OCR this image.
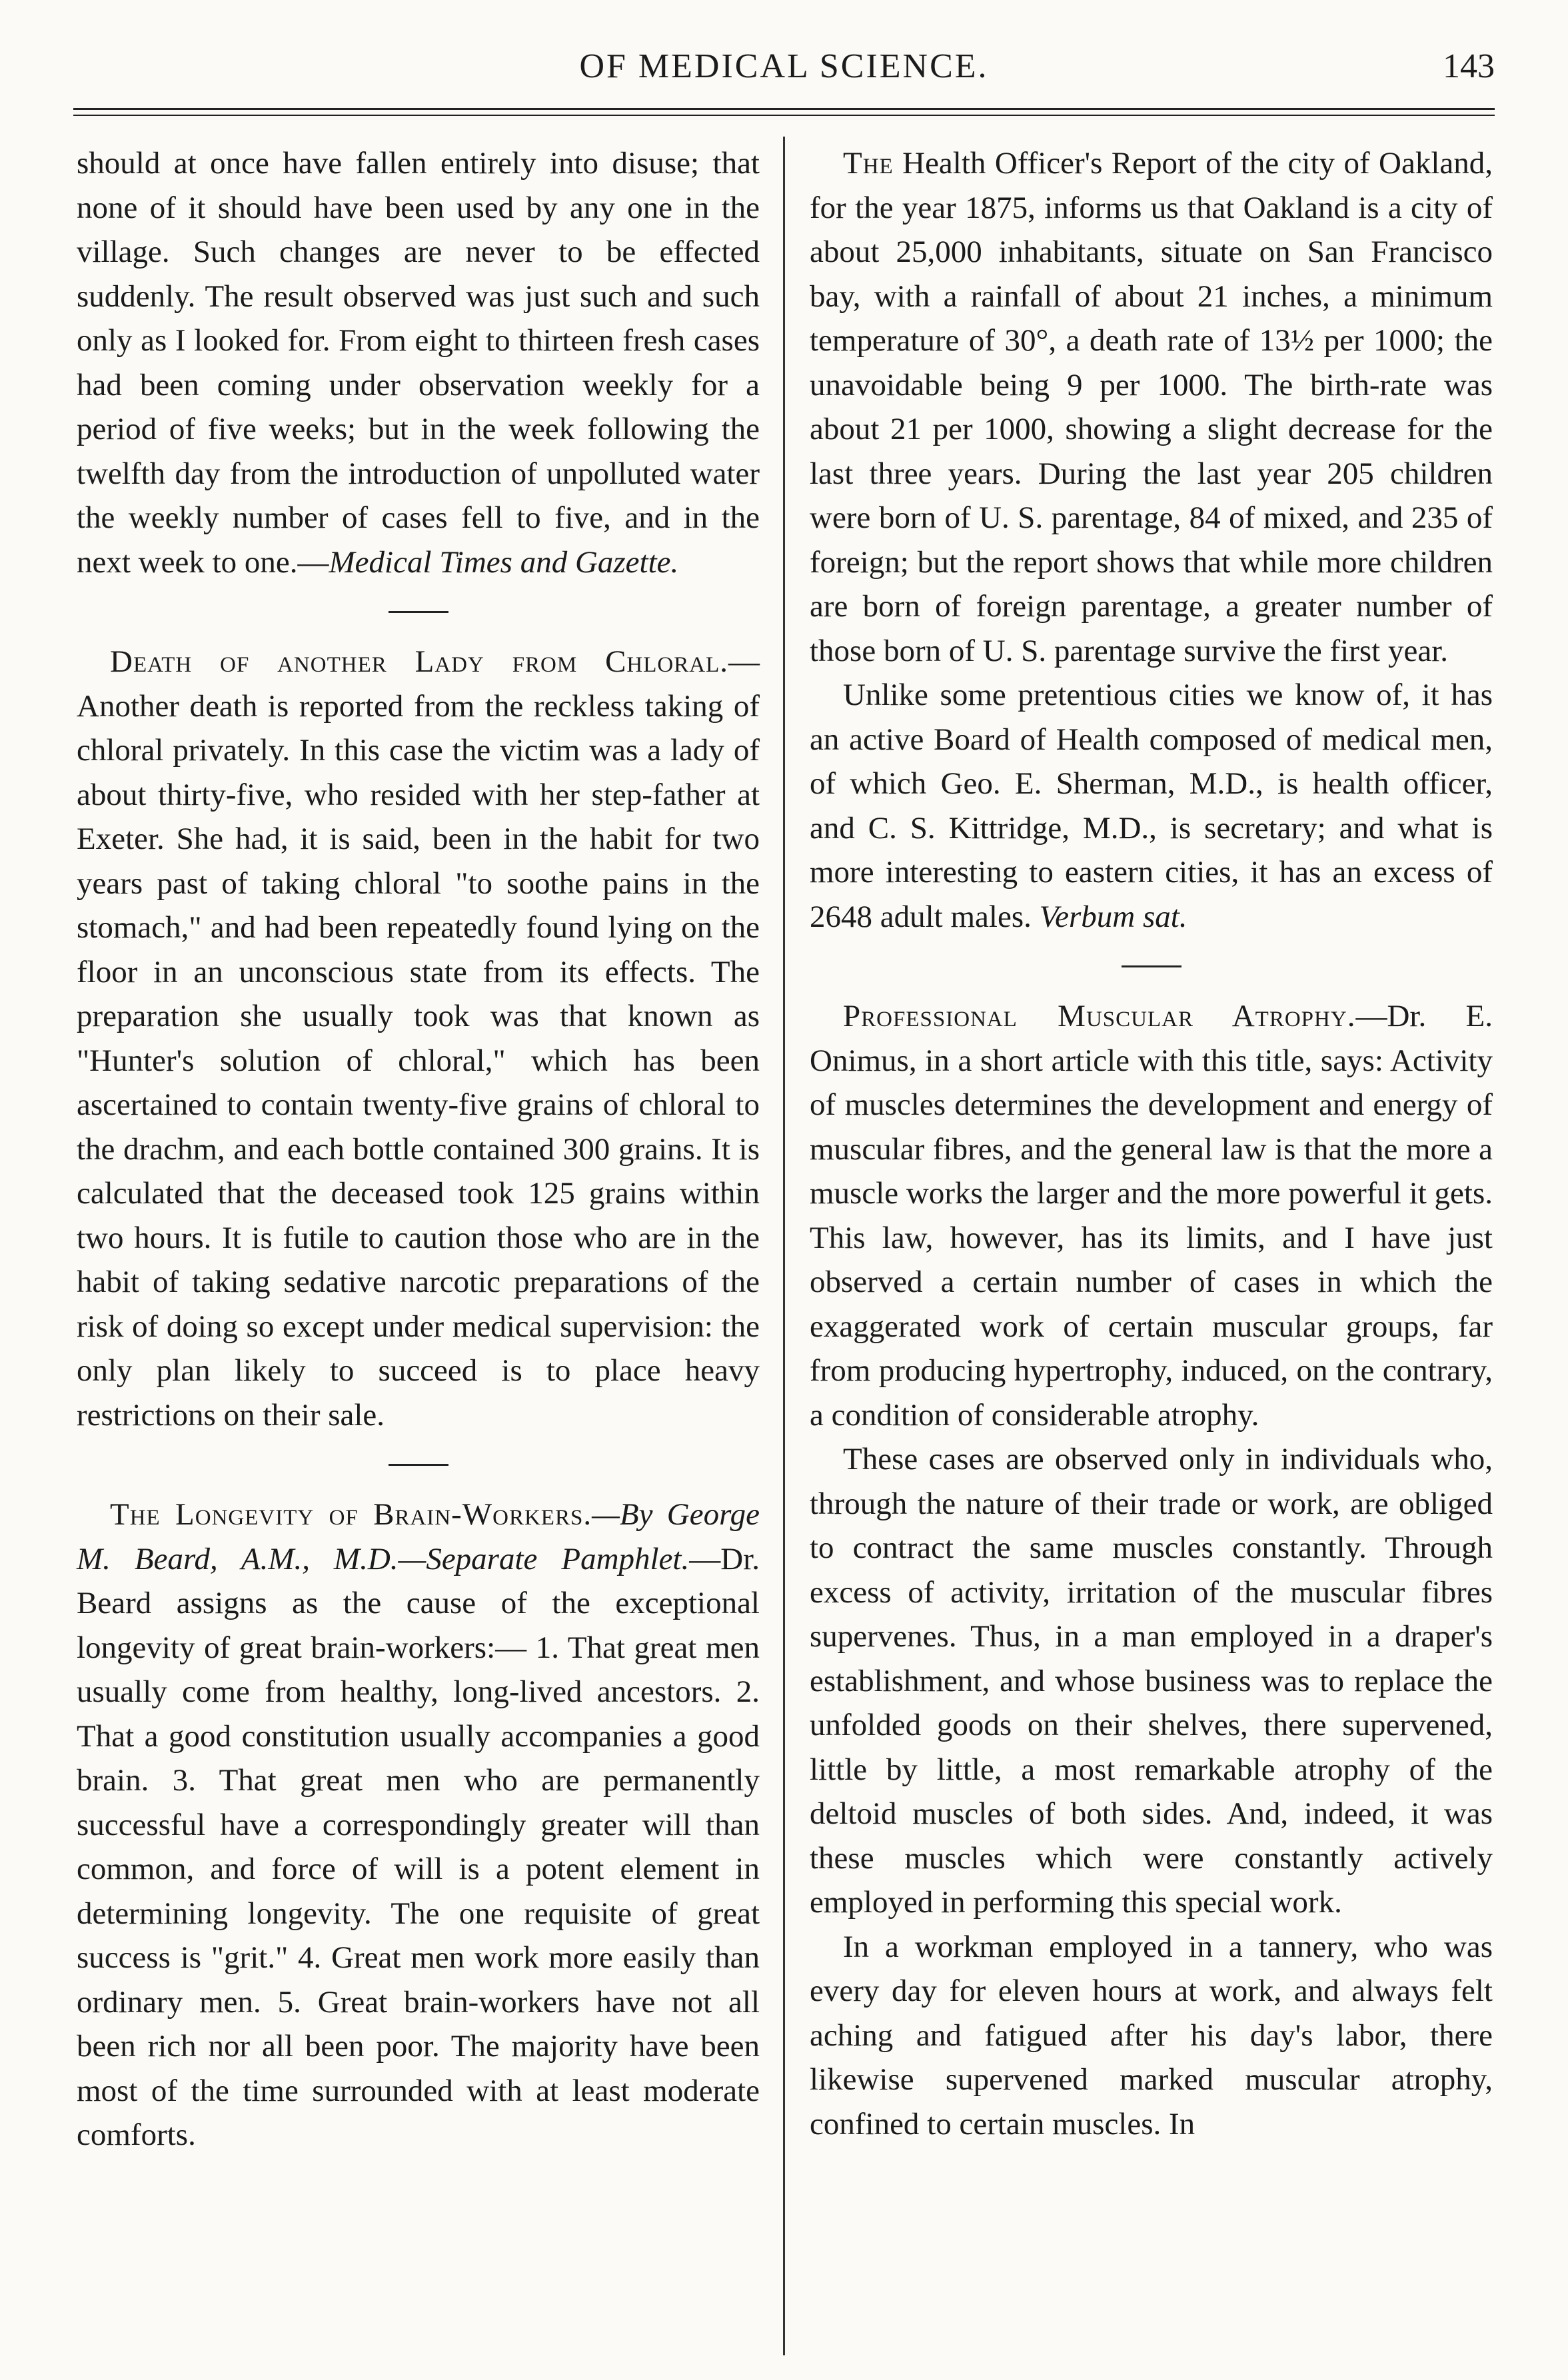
OF MEDICAL SCIENCE.	143

should at once have fallen entirely into disuse; that none of it should have been used by any one in the village. Such changes are never to be effected suddenly. The result observed was just such and such only as I looked for. From eight to thirteen fresh cases had been coming under observation weekly for a period of five weeks; but in the week following the twelfth day from the introduction of unpolluted water the weekly number of cases fell to five, and in the next week to one.—Medical Times and Gazette.

Death of another Lady from Chloral.—Another death is reported from the reckless taking of chloral privately. In this case the victim was a lady of about thirty-five, who resided with her step-father at Exeter. She had, it is said, been in the habit for two years past of taking chloral "to soothe pains in the stomach," and had been repeatedly found lying on the floor in an unconscious state from its effects. The preparation she usually took was that known as "Hunter's solution of chloral," which has been ascertained to contain twenty-five grains of chloral to the drachm, and each bottle contained 300 grains. It is calculated that the deceased took 125 grains within two hours. It is futile to caution those who are in the habit of taking sedative narcotic preparations of the risk of doing so except under medical supervision: the only plan likely to succeed is to place heavy restrictions on their sale.

The Longevity of Brain-Workers.—By George M. Beard, A.M., M.D.—Separate Pamphlet.—Dr. Beard assigns as the cause of the exceptional longevity of great brain-workers:— 1. That great men usually come from healthy, long-lived ancestors. 2. That a good constitution usually accompanies a good brain. 3. That great men who are permanently successful have a correspondingly greater will than common, and force of will is a potent element in determining longevity. The one requisite of great success is "grit." 4. Great men work more easily than ordinary men. 5. Great brain-workers have not all been rich nor all been poor. The majority have been most of the time surrounded with at least moderate comforts.

The Health Officer's Report of the city of Oakland, for the year 1875, informs us that Oakland is a city of about 25,000 inhabitants, situate on San Francisco bay, with a rainfall of about 21 inches, a minimum temperature of 30°, a death rate of 13½ per 1000; the unavoidable being 9 per 1000. The birth-rate was about 21 per 1000, showing a slight decrease for the last three years. During the last year 205 children were born of U. S. parentage, 84 of mixed, and 235 of foreign; but the report shows that while more children are born of foreign parentage, a greater number of those born of U. S. parentage survive the first year.

Unlike some pretentious cities we know of, it has an active Board of Health composed of medical men, of which Geo. E. Sherman, M.D., is health officer, and C. S. Kittridge, M.D., is secretary; and what is more interesting to eastern cities, it has an excess of 2648 adult males. Verbum sat.

Professional Muscular Atrophy.—Dr. E. Onimus, in a short article with this title, says: Activity of muscles determines the development and energy of muscular fibres, and the general law is that the more a muscle works the larger and the more powerful it gets. This law, however, has its limits, and I have just observed a certain number of cases in which the exaggerated work of certain muscular groups, far from producing hypertrophy, induced, on the contrary, a condition of considerable atrophy.

These cases are observed only in individuals who, through the nature of their trade or work, are obliged to contract the same muscles constantly. Through excess of activity, irritation of the muscular fibres supervenes. Thus, in a man employed in a draper's establishment, and whose business was to replace the unfolded goods on their shelves, there supervened, little by little, a most remarkable atrophy of the deltoid muscles of both sides. And, indeed, it was these muscles which were constantly actively employed in performing this special work.

In a workman employed in a tannery, who was every day for eleven hours at work, and always felt aching and fatigued after his day's labor, there likewise supervened marked muscular atrophy, confined to certain muscles. In
